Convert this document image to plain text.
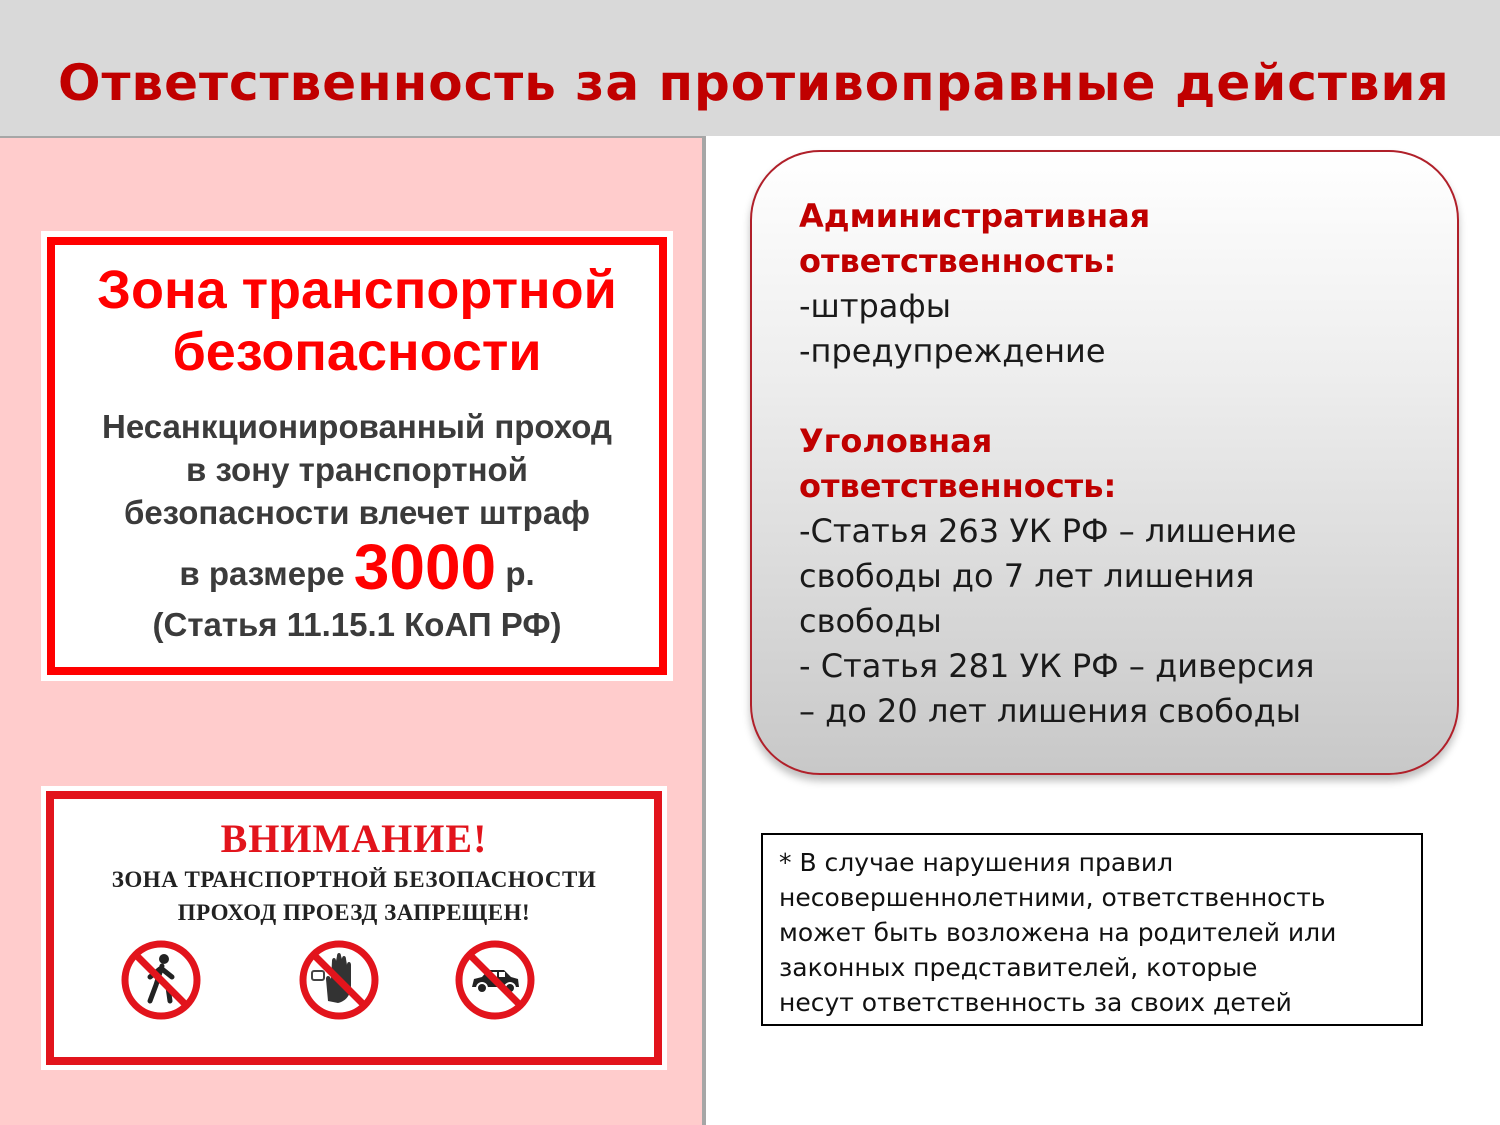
Ответственность за противоправные действия
Зона транспортной
безопасности
Несанкционированный проход
в зону транспортной
безопасности влечет штраф
в размере 3000 р.
(Статья 11.15.1 КоАП РФ)
ВНИМАНИЕ!
ЗОНА ТРАНСПОРТНОЙ БЕЗОПАСНОСТИ
ПРОХОД ПРОЕЗД ЗАПРЕЩЕН!
Административная
ответственность:
-штрафы
-предупреждение
Уголовная
ответственность:
-Статья 263 УК РФ – лишение
свободы до 7 лет лишения
свободы
- Статья 281 УК РФ – диверсия
– до 20 лет лишения свободы
* В случае нарушения правил
несовершеннолетними, ответственность
может быть возложена на родителей или
законных представителей, которые
несут ответственность за своих детей
